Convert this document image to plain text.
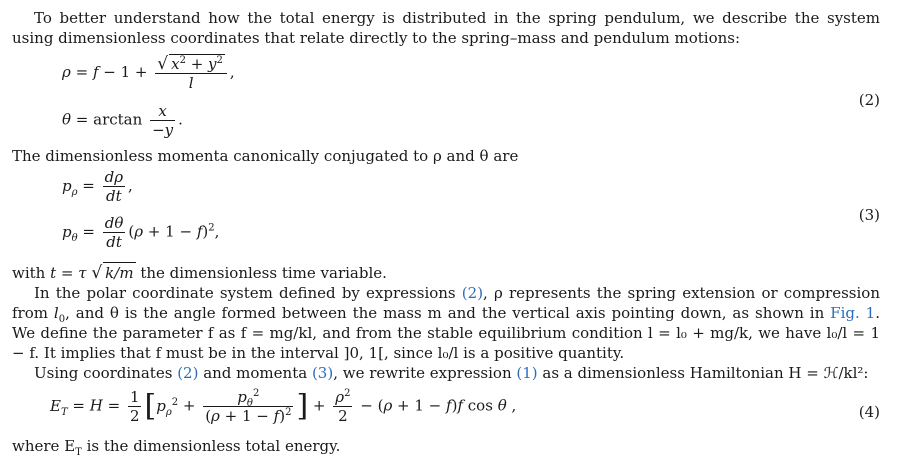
To better understand how the total energy is distributed in the spring pendulum, we describe the system using dimensionless coordinates that relate directly to the spring–mass and pendulum motions:

$\rho = f - 1 + \frac{√ x^2 + y^2}{l}$ ,
$\theta = \arctan \frac{x}{-y}$ .
(2)

The dimensionless momenta canonically conjugated to ρ and θ are

$p_\rho = \frac{d\rho}{dt}$ ,
$p_\theta = \frac{d\theta}{dt} (\rho + 1 - f)^2$,
(3)

with t = τ √ k/m the dimensionless time variable.

In the polar coordinate system defined by expressions (2), ρ represents the spring extension or compression from $l_0$, and θ is the angle formed between the mass m and the vertical axis pointing down, as shown in Fig. 1. We define the parameter f as f = mg/kl, and from the stable equilibrium condition l = l₀ + mg/k, we have l₀/l = 1 − f. It implies that f must be in the interval ]0, 1[, since l₀/l is a positive quantity.

Using coordinates (2) and momenta (3), we rewrite expression (1) as a dimensionless Hamiltonian H = ℋ/kl²:

$E_T = H = \frac{1}{2} [p_\rho^2 + \frac{p_\theta^2}{(\rho + 1 - f)^2}$ ] + $\frac{\rho^2}{2} - (\rho + 1 - f)f$ cos θ ,	(4)

where $E_T$ is the dimensionless total energy.
